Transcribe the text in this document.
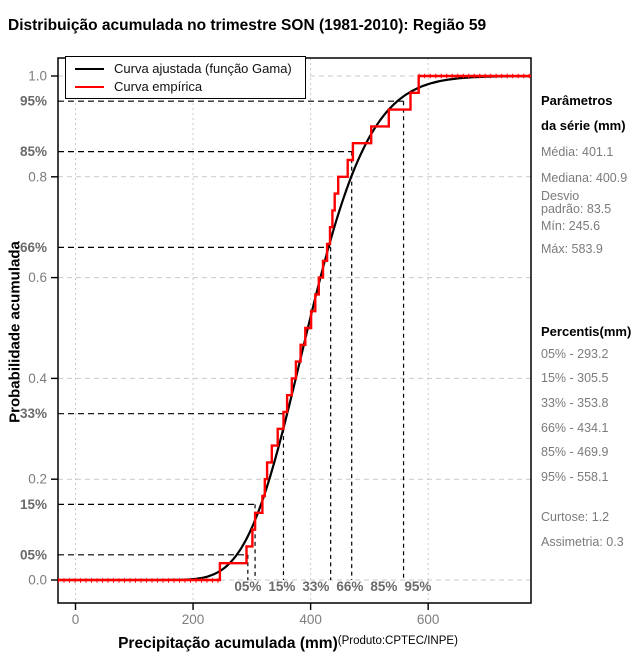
05%
05%
15%
15%
33%
33%
66%
66%
85%
85%
95%
95%
0	200	400	600
0.0
0.2
0.4
0.6
0.8
1.0
Distribuição acumulada no trimestre SON (1981-2010): Região 59
Probabilidade acumulada
Curva ajustada (função Gama)
Curva empírica
Parâmetros
da série (mm)
Média: 401.1
Mediana: 400.9
Desvio
padrão: 83.5
Mín: 245.6
Máx: 583.9
Percentis(mm)
05% - 293.2
15% - 305.5
33% - 353.8
66% - 434.1
85% - 469.9
95% - 558.1
Curtose: 1.2
Assimetria: 0.3
Precipitação acumulada (mm) (Produto:CPTEC/INPE)
